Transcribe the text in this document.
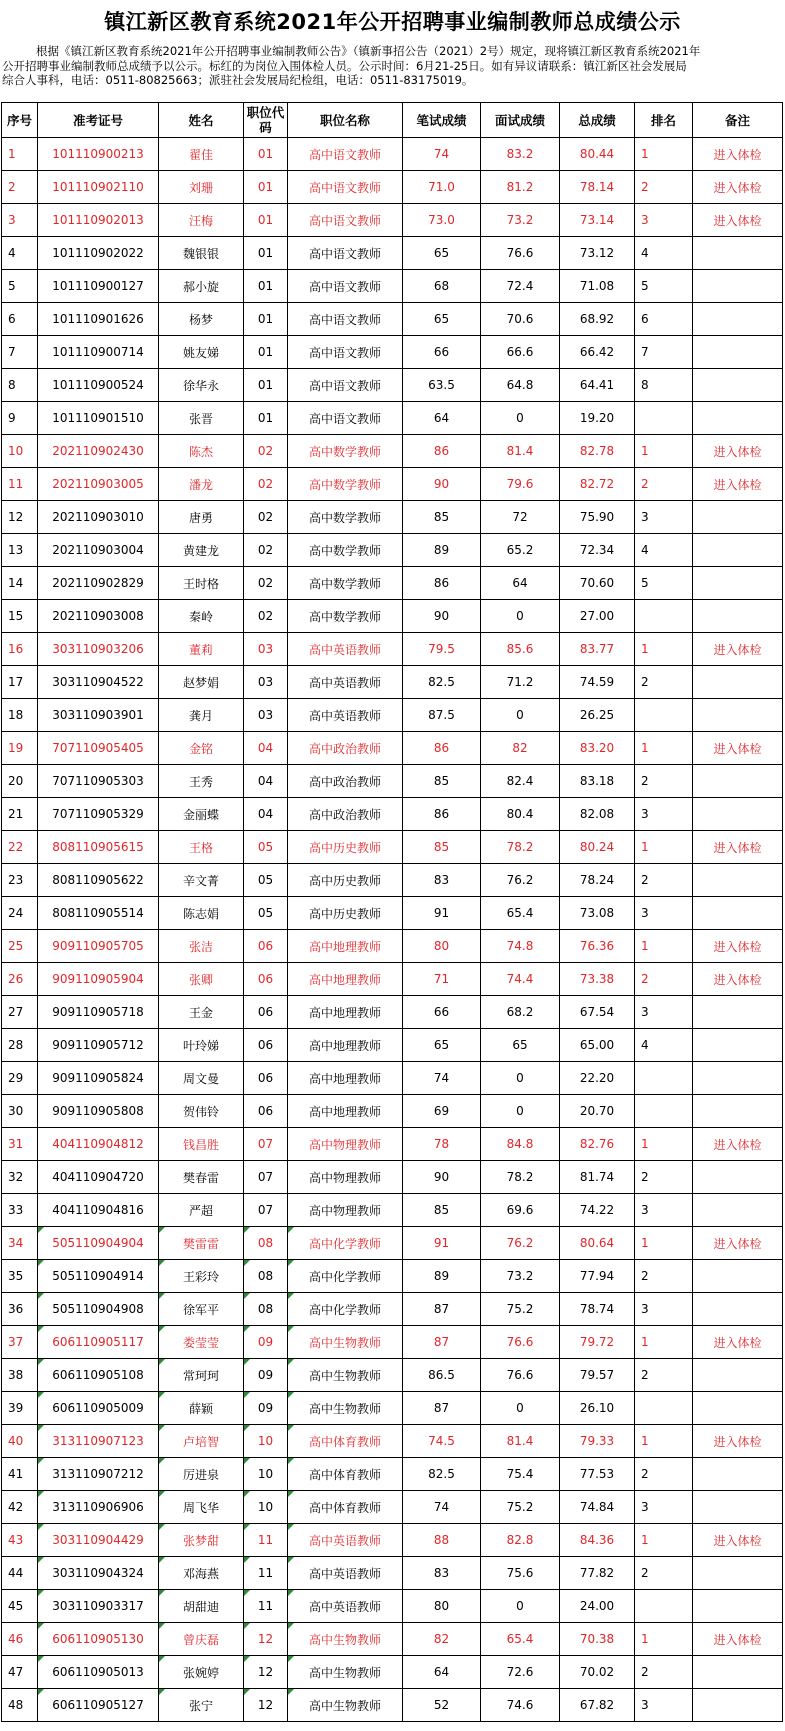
镇江新区教育系统2021年公开招聘事业编制教师总成绩公示
根据《镇江新区教育系统2021年公开招聘事业编制教师公告》（镇新事招公告（2021）2号）规定，现将镇江新区教育系统2021年
公开招聘事业编制教师总成绩予以公示。标红的为岗位入围体检人员。公示时间：6月21-25日。如有异议请联系：镇江新区社会发展局
综合人事科，电话：0511-80825663；派驻社会发展局纪检组，电话：0511-83175019。
序号	准考证号	姓名	职位代码	职位名称	笔试成绩	面试成绩	总成绩	排名	备注
1	101110900213	翟佳	01	高中语文教师	74	83.2	80.44	1	进入体检
2	101110902110	刘珊	01	高中语文教师	71.0	81.2	78.14	2	进入体检
3	101110902013	汪梅	01	高中语文教师	73.0	73.2	73.14	3	进入体检
4	101110902022	魏银银	01	高中语文教师	65	76.6	73.12	4	
5	101110900127	郝小旋	01	高中语文教师	68	72.4	71.08	5	
6	101110901626	杨梦	01	高中语文教师	65	70.6	68.92	6	
7	101110900714	姚友娣	01	高中语文教师	66	66.6	66.42	7	
8	101110900524	徐华永	01	高中语文教师	63.5	64.8	64.41	8	
9	101110901510	张晋	01	高中语文教师	64	0	19.20		
10	202110902430	陈杰	02	高中数学教师	86	81.4	82.78	1	进入体检
11	202110903005	潘龙	02	高中数学教师	90	79.6	82.72	2	进入体检
12	202110903010	唐勇	02	高中数学教师	85	72	75.90	3	
13	202110903004	黄建龙	02	高中数学教师	89	65.2	72.34	4	
14	202110902829	王时格	02	高中数学教师	86	64	70.60	5	
15	202110903008	秦岭	02	高中数学教师	90	0	27.00		
16	303110903206	董莉	03	高中英语教师	79.5	85.6	83.77	1	进入体检
17	303110904522	赵梦娟	03	高中英语教师	82.5	71.2	74.59	2	
18	303110903901	龚月	03	高中英语教师	87.5	0	26.25		
19	707110905405	金铭	04	高中政治教师	86	82	83.20	1	进入体检
20	707110905303	王秀	04	高中政治教师	85	82.4	83.18	2	
21	707110905329	金丽蝶	04	高中政治教师	86	80.4	82.08	3	
22	808110905615	王格	05	高中历史教师	85	78.2	80.24	1	进入体检
23	808110905622	辛文菁	05	高中历史教师	83	76.2	78.24	2	
24	808110905514	陈志娟	05	高中历史教师	91	65.4	73.08	3	
25	909110905705	张洁	06	高中地理教师	80	74.8	76.36	1	进入体检
26	909110905904	张卿	06	高中地理教师	71	74.4	73.38	2	进入体检
27	909110905718	王金	06	高中地理教师	66	68.2	67.54	3	
28	909110905712	叶玲娣	06	高中地理教师	65	65	65.00	4	
29	909110905824	周文曼	06	高中地理教师	74	0	22.20		
30	909110905808	贺伟铃	06	高中地理教师	69	0	20.70		
31	404110904812	钱昌胜	07	高中物理教师	78	84.8	82.76	1	进入体检
32	404110904720	樊春雷	07	高中物理教师	90	78.2	81.74	2	
33	404110904816	严超	07	高中物理教师	85	69.6	74.22	3	
34	505110904904	樊雷雷	08	高中化学教师	91	76.2	80.64	1	进入体检
35	505110904914	王彩玲	08	高中化学教师	89	73.2	77.94	2	
36	505110904908	徐军平	08	高中化学教师	87	75.2	78.74	3	
37	606110905117	娄莹莹	09	高中生物教师	87	76.6	79.72	1	进入体检
38	606110905108	常珂珂	09	高中生物教师	86.5	76.6	79.57	2	
39	606110905009	薛颖	09	高中生物教师	87	0	26.10		
40	313110907123	卢培智	10	高中体育教师	74.5	81.4	79.33	1	进入体检
41	313110907212	厉进泉	10	高中体育教师	82.5	75.4	77.53	2	
42	313110906906	周飞华	10	高中体育教师	74	75.2	74.84	3	
43	303110904429	张梦甜	11	高中英语教师	88	82.8	84.36	1	进入体检
44	303110904324	邓海燕	11	高中英语教师	83	75.6	77.82	2	
45	303110903317	胡甜迪	11	高中英语教师	80	0	24.00		
46	606110905130	曾庆磊	12	高中生物教师	82	65.4	70.38	1	进入体检
47	606110905013	张婉婷	12	高中生物教师	64	72.6	70.02	2	
48	606110905127	张宁	12	高中生物教师	52	74.6	67.82	3	
